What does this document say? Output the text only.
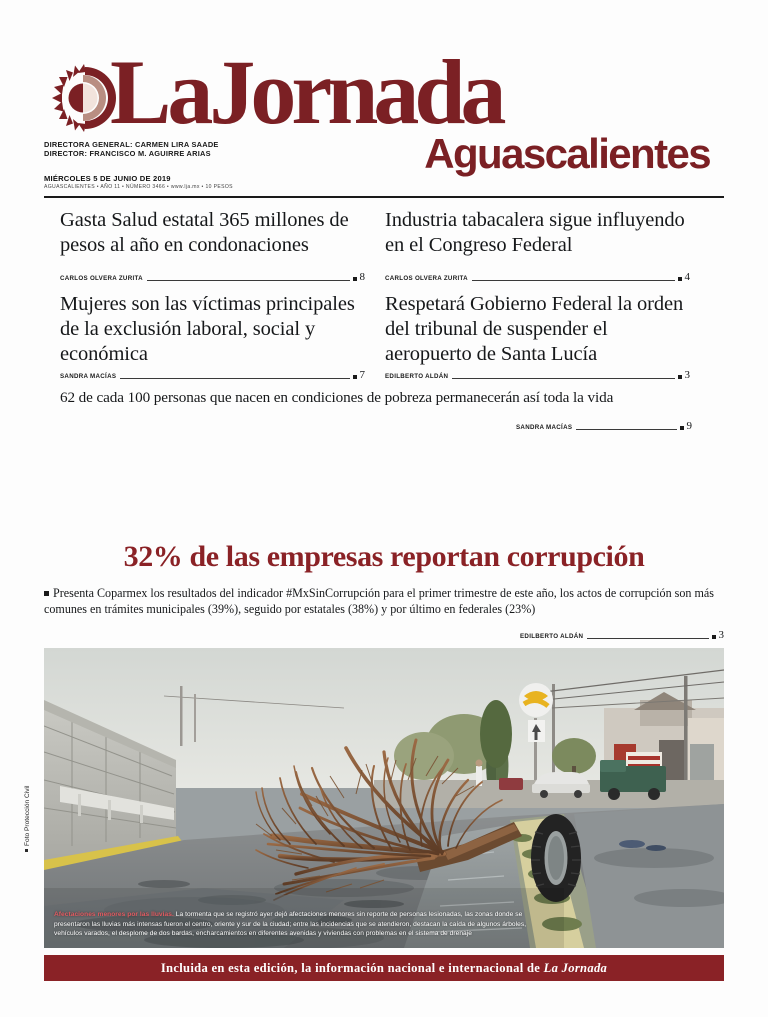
LaJornada
Aguascalientes
DIRECTORA GENERAL: CARMEN LIRA SAADE
DIRECTOR: FRANCISCO M. AGUIRRE ARIAS
MIÉRCOLES 5 DE JUNIO DE 2019
AGUASCALIENTES • AÑO 11 • NÚMERO 3466 • www.lja.mx • 10 PESOS
Gasta Salud estatal 365 millones de pesos al año en condonaciones
CARLOS OLVERA ZURITA	8
Industria tabacalera sigue influyendo en el Congreso Federal
CARLOS OLVERA ZURITA	4
Mujeres son las víctimas principales de la exclusión laboral, social y económica
SANDRA MACÍAS	7
Respetará Gobierno Federal la orden del tribunal de suspender el aeropuerto de Santa Lucía
EDILBERTO ALDÁN	3
62 de cada 100 personas que nacen en condiciones de pobreza permanecerán así toda la vida
SANDRA MACÍAS	9
32% de las empresas reportan corrupción
Presenta Coparmex los resultados del indicador #MxSinCorrupción para el primer trimestre de este año, los actos de corrupción son más comunes en trámites municipales (39%), seguido por estatales (38%) y por último en federales (23%)
EDILBERTO ALDÁN	3
Afectaciones menores por las lluvias. La tormenta que se registró ayer dejó afectaciones menores sin reporte de personas lesionadas, las zonas donde se presentaron las lluvias más intensas fueron el centro, oriente y sur de la ciudad; entre las incidencias que se atendieron, destacan la caída de algunos árboles, vehículos varados, el desplome de dos bardas, encharcamientos en diferentes avenidas y viviendas con problemas en el sistema de drenaje
Foto Protección Civil
Incluida en esta edición, la información nacional e internacional de La Jornada
